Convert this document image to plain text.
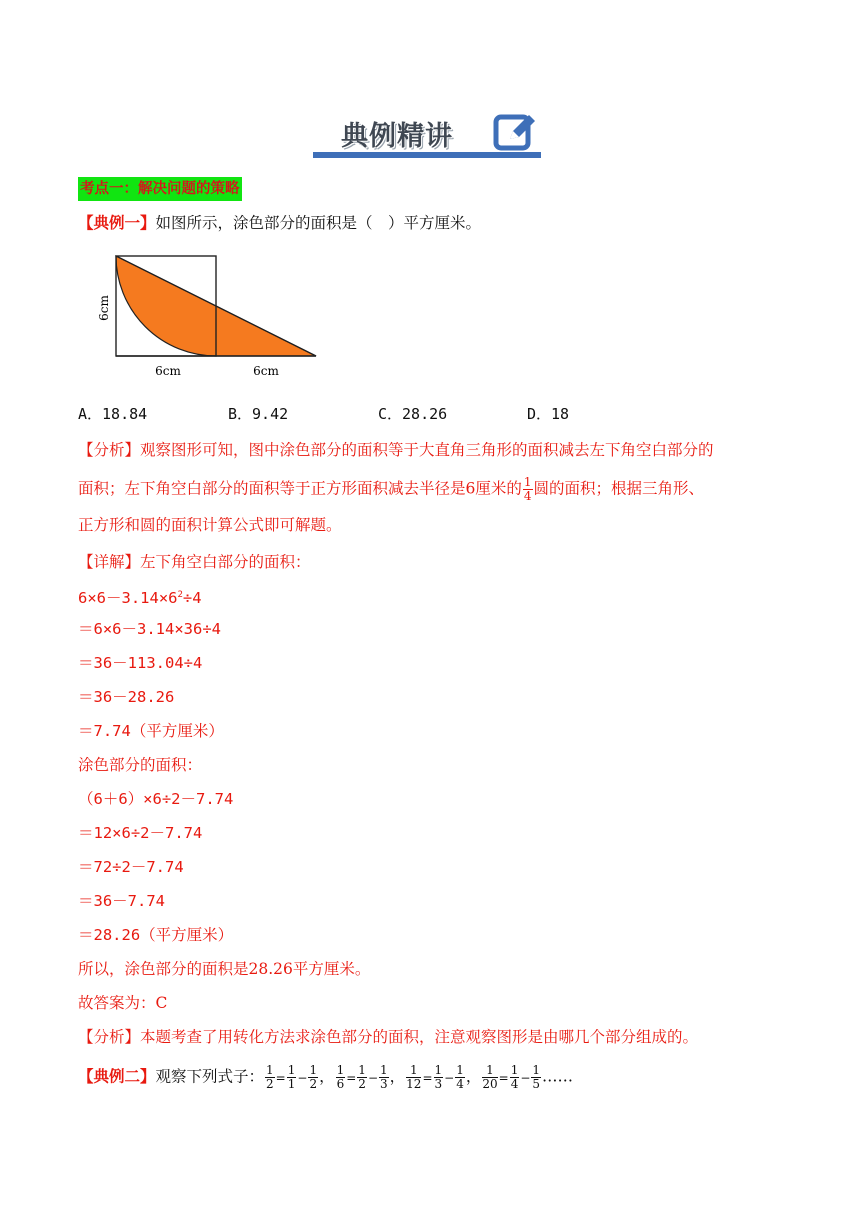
典例精讲
考点一：解决问题的策略
【典例一】如图所示，涂色部分的面积是（　）平方厘米。
6cm
6cm	6cm
A．18.84	B．9.42	C．28.26	D．18
【分析】观察图形可知，图中涂色部分的面积等于大直角三角形的面积减去左下角空白部分的
面积；左下角空白部分的面积等于正方形面积减去半径是6厘米的 $\frac{1}{4}$ 圆的面积；根据三角形、
正方形和圆的面积计算公式即可解题。
【详解】左下角空白部分的面积：
$6\times 6-3.14\times 6^2\div 4$
＝6×6－3.14×36÷4
＝36－113.04÷4
＝36－28.26
＝7.74（平方厘米）
涂色部分的面积：
（6＋6）×6÷2－7.74
＝12×6÷2－7.74
＝72÷2－7.74
＝36－7.74
＝28.26（平方厘米）
所以，涂色部分的面积是28.26平方厘米。
故答案为：C
【分析】本题考查了用转化方法求涂色部分的面积，注意观察图形是由哪几个部分组成的。
【典例二】观察下列式子： $\frac{1}{2} = \frac{1}{1} - \frac{1}{2}$ ， $\frac{1}{6} = \frac{1}{2} - \frac{1}{3}$ ， $\frac{1}{12} = \frac{1}{3} - \frac{1}{4}$ ， $\frac{1}{20} = \frac{1}{4} - \frac{1}{5}$ ……
